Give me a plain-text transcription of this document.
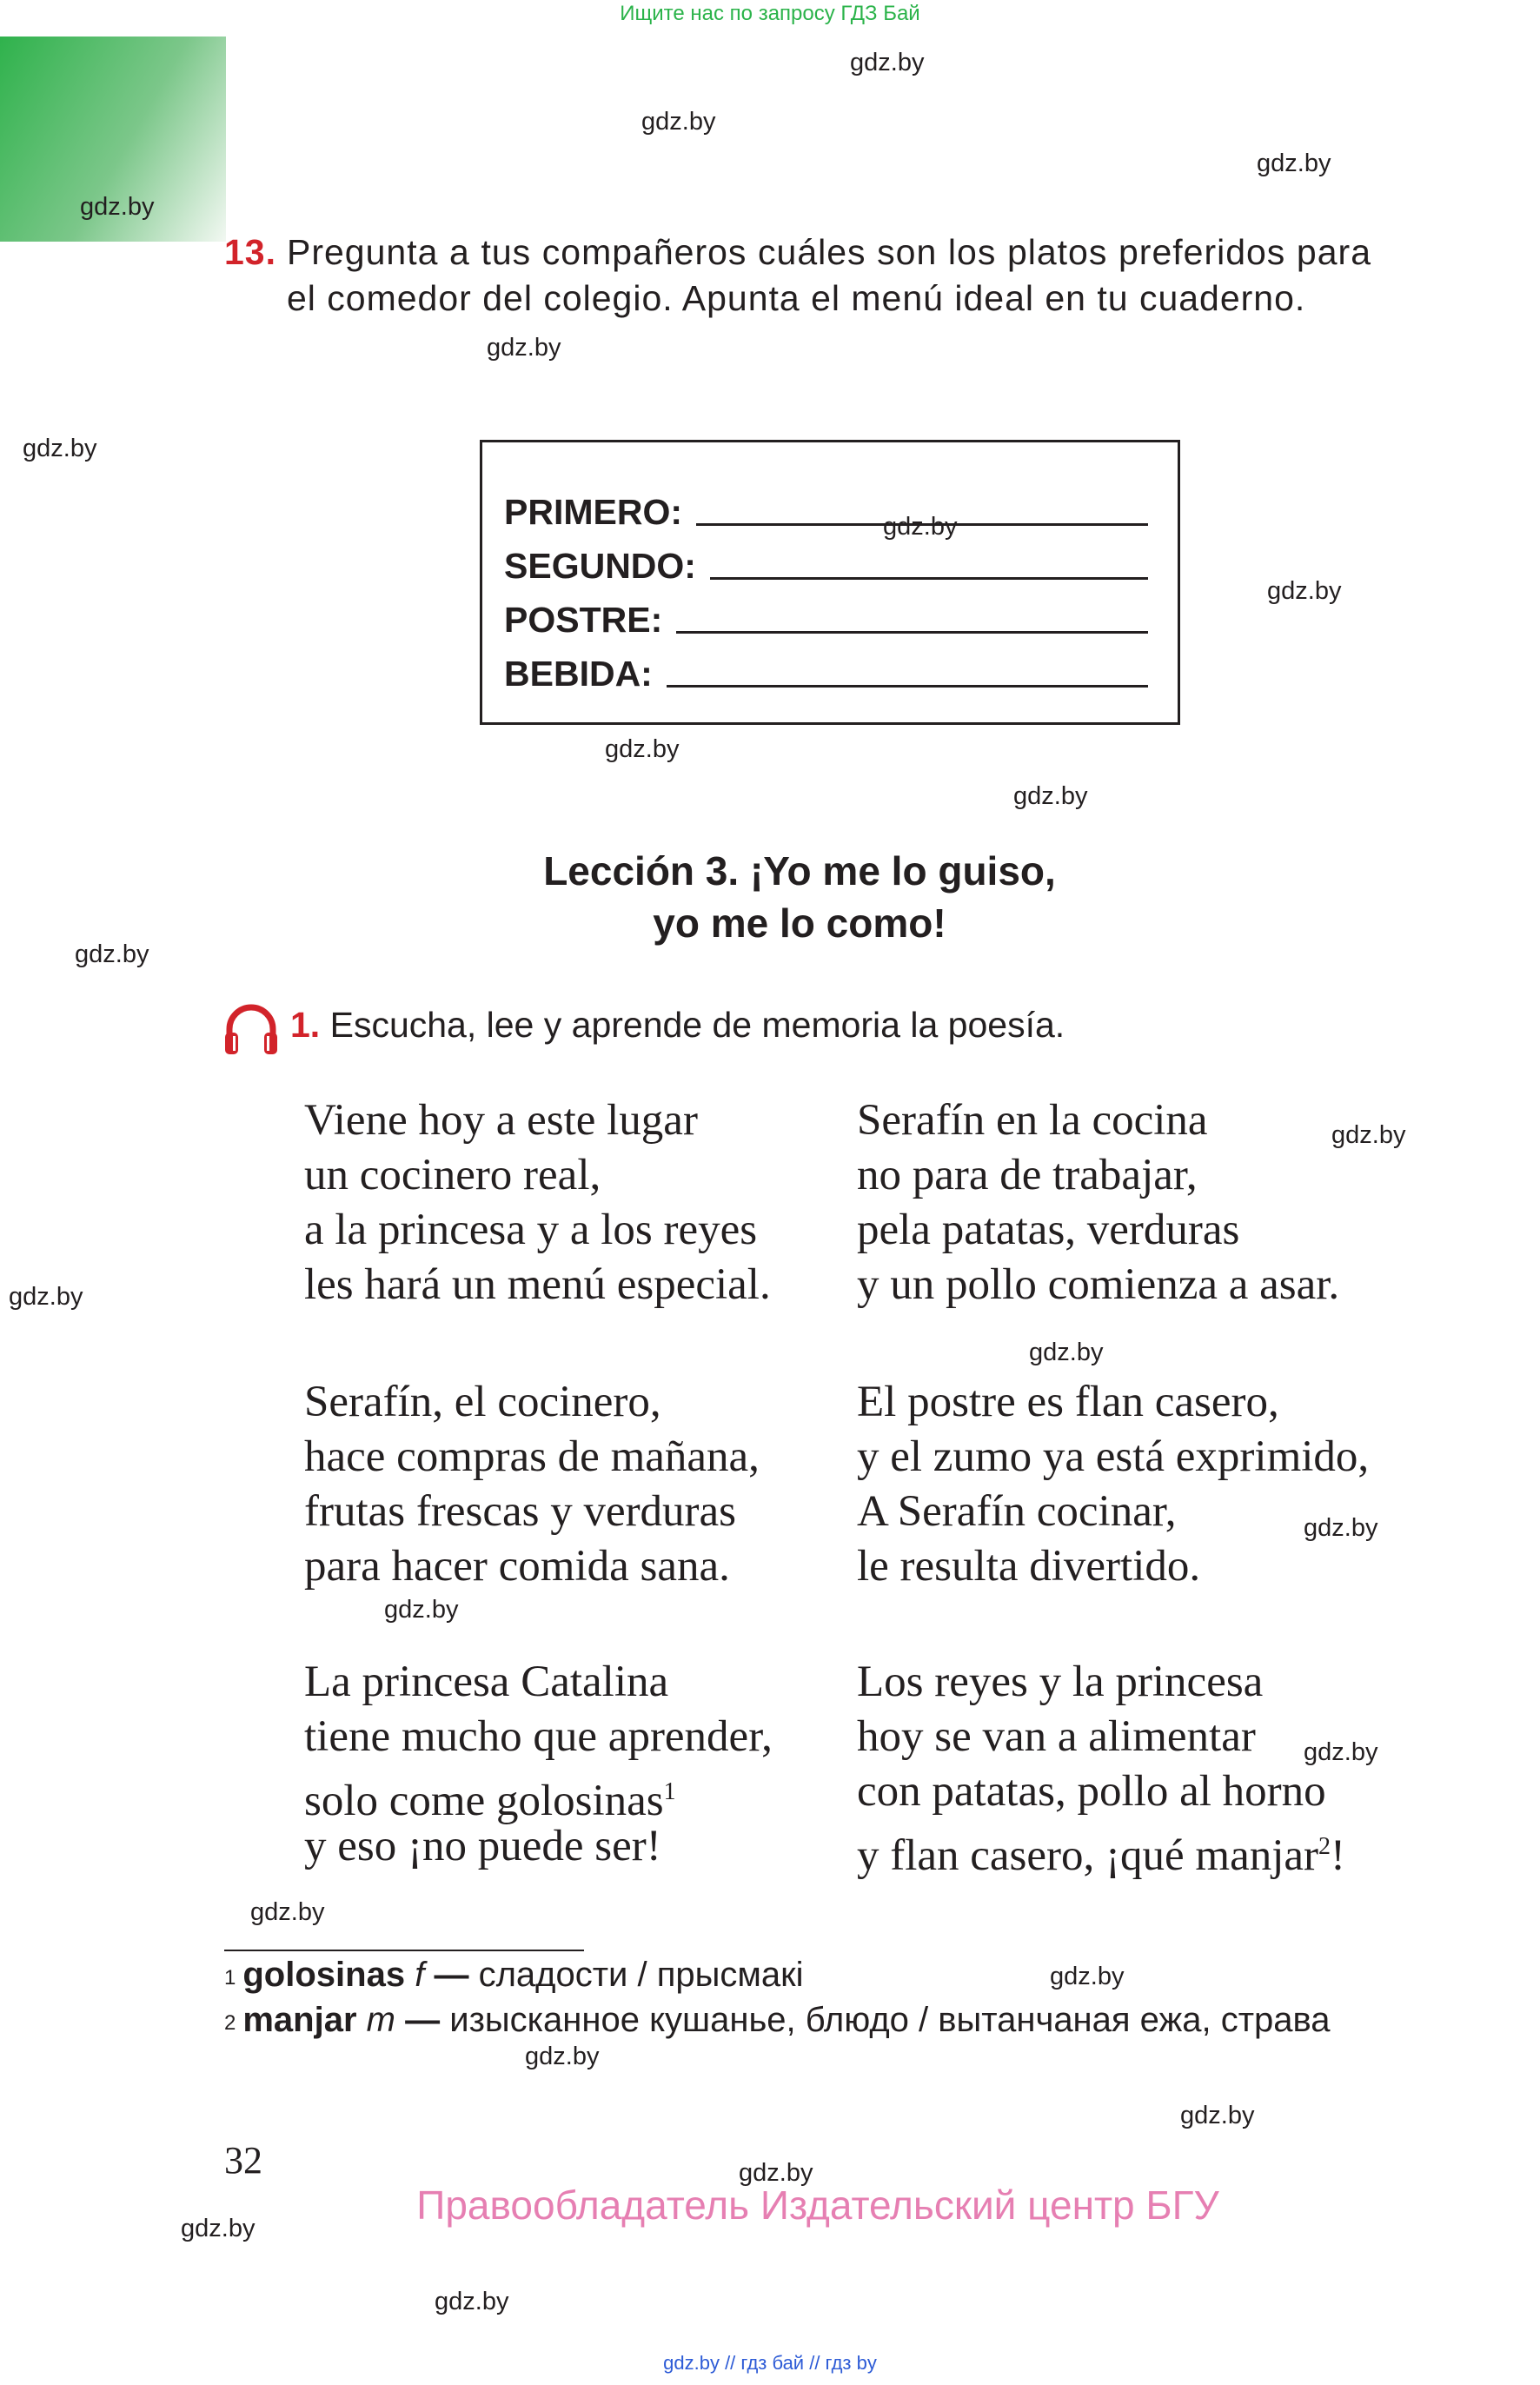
Ищите нас по запросу ГДЗ Бай
gdz.by
gdz.by
gdz.by
gdz.by
gdz.by
gdz.by
gdz.by
gdz.by
gdz.by
gdz.by
gdz.by
gdz.by
gdz.by
gdz.by
gdz.by
gdz.by
gdz.by
gdz.by
gdz.by
gdz.by
gdz.by
gdz.by
gdz.by
gdz.by
13. Pregunta a tus compañeros cuáles son los platos preferidos para el comedor del colegio. Apunta el menú ideal en tu cuaderno.
PRIMERO:
SEGUNDO:
POSTRE:
BEBIDA:
Lección 3. ¡Yo me lo guiso,
yo me lo como!
1. Escucha, lee y aprende de memoria la poesía.
Viene hoy a este lugar
un cocinero real,
a la princesa y a los reyes
les hará un menú especial.
Serafín en la cocina
no para de trabajar,
pela patatas, verduras
y un pollo comienza a asar.
Serafín, el cocinero,
hace compras de mañana,
frutas frescas y verduras
para hacer comida sana.
El postre es flan casero,
y el zumo ya está exprimido,
A Serafín cocinar,
le resulta divertido.
La princesa Catalina
tiene mucho que aprender,
solo come golosinas$^1$
y eso ¡no puede ser!
Los reyes y la princesa
hoy se van a alimentar
con patatas, pollo al horno
y flan casero, ¡qué manjar$^2$!
$^1$ golosinas f — сладости / прысмакі
$^2$ manjar m — изысканное кушанье, блюдо / вытанчаная ежа, страва
32
Правообладатель Издательский центр БГУ
gdz.by // гдз бай // гдз by
